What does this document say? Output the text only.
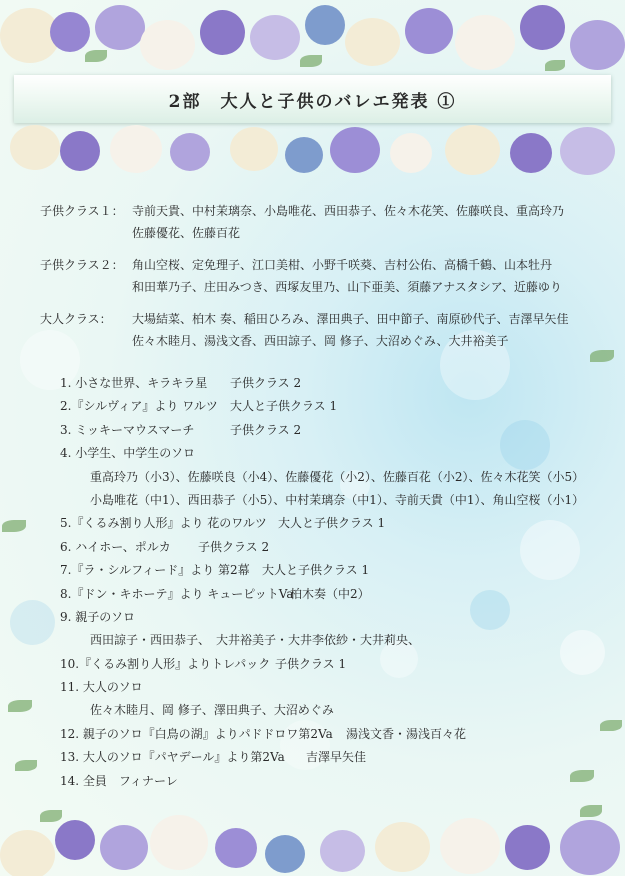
2部　大人と子供のバレエ発表 ①
子供クラス１： 寺前天貴、中村茉璃奈、小島唯花、西田恭子、佐々木花笑、佐藤咲良、重高玲乃
佐藤優花、佐藤百花
子供クラス２： 角山空桜、定免理子、江口美柑、小野千咲葵、吉村公佑、高橋千鶴、山本牡丹
和田華乃子、庄田みつき、西塚友里乃、山下亜美、須藤アナスタシア、近藤ゆり
大人クラス：	大場結菜、柏木 奏、稲田ひろみ、澤田典子、田中節子、南原砂代子、吉澤早矢佳
佐々木睦月、湯浅文香、西田諒子、岡 修子、大沼めぐみ、大井裕美子
1. 小さな世界、キラキラ星 子供クラス 2
2.『シルヴィア』より ワルツ 大人と子供クラス 1
3. ミッキーマウスマーチ	子供クラス 2
4. 小学生、中学生のソロ
重高玲乃（小3）、佐藤咲良（小4）、佐藤優花（小2）、佐藤百花（小2）、佐々木花笑（小5）
小島唯花（中1）、西田恭子（小5）、中村茉璃奈（中1）、寺前天貴（中1）、角山空桜（小1）
5.『くるみ割り人形』より 花のワルツ 大人と子供クラス 1
6. ハイホー、ポルカ 子供クラス 2
7.『ラ・シルフィード』より 第2幕 大人と子供クラス 1
8.『ドン・キホーテ』より キューピットVa
柏木奏（中2）
9. 親子のソロ
西田諒子・西田恭子、　大井裕美子・大井李依紗・大井莉央、
10.『くるみ割り人形』よりトレパック 子供クラス 1
11. 大人のソロ
佐々木睦月、岡 修子、澤田典子、大沼めぐみ
12. 親子のソロ『白鳥の湖』よりパドドロワ第2Va 湯浅文香・湯浅百々花
13. 大人のソロ『パヤデール』より第2Va 吉澤早矢佳
14. 全員　フィナーレ
